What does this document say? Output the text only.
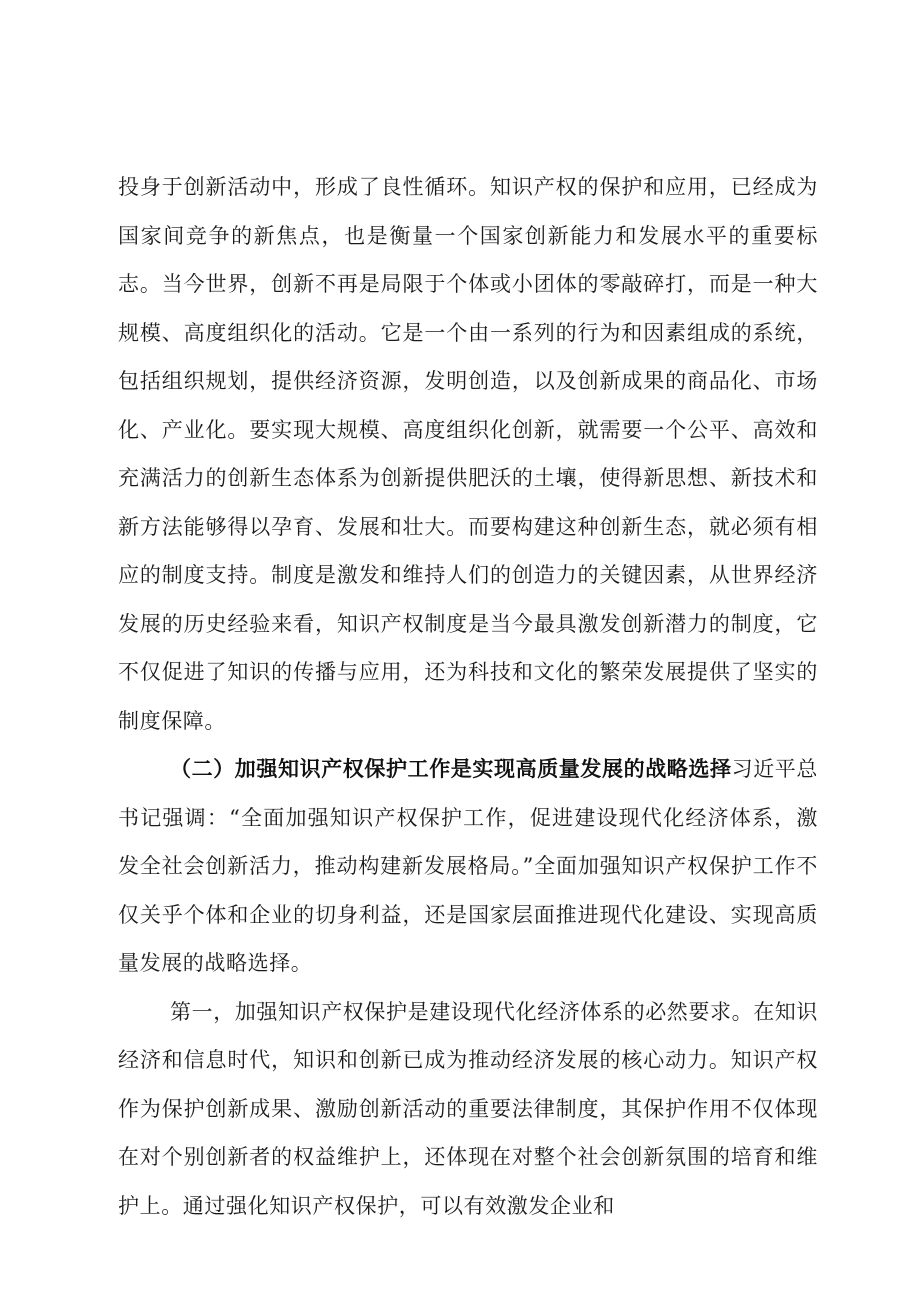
投身于创新活动中，形成了良性循环。知识产权的保护和应用，已经成为国家间竞争的新焦点，也是衡量一个国家创新能力和发展水平的重要标志。当今世界，创新不再是局限于个体或小团体的零敲碎打，而是一种大规模、高度组织化的活动。它是一个由一系列的行为和因素组成的系统，包括组织规划，提供经济资源，发明创造，以及创新成果的商品化、市场化、产业化。要实现大规模、高度组织化创新，就需要一个公平、高效和充满活力的创新生态体系为创新提供肥沃的土壤，使得新思想、新技术和新方法能够得以孕育、发展和壮大。而要构建这种创新生态，就必须有相应的制度支持。制度是激发和维持人们的创造力的关键因素，从世界经济发展的历史经验来看，知识产权制度是当今最具激发创新潜力的制度，它不仅促进了知识的传播与应用，还为科技和文化的繁荣发展提供了坚实的制度保障。

（二）加强知识产权保护工作是实现高质量发展的战略选择习近平总书记强调：“全面加强知识产权保护工作，促进建设现代化经济体系，激发全社会创新活力，推动构建新发展格局。”全面加强知识产权保护工作不仅关乎个体和企业的切身利益，还是国家层面推进现代化建设、实现高质量发展的战略选择。

第一，加强知识产权保护是建设现代化经济体系的必然要求。在知识经济和信息时代，知识和创新已成为推动经济发展的核心动力。知识产权作为保护创新成果、激励创新活动的重要法律制度，其保护作用不仅体现在对个别创新者的权益维护上，还体现在对整个社会创新氛围的培育和维护上。通过强化知识产权保护，可以有效激发企业和
